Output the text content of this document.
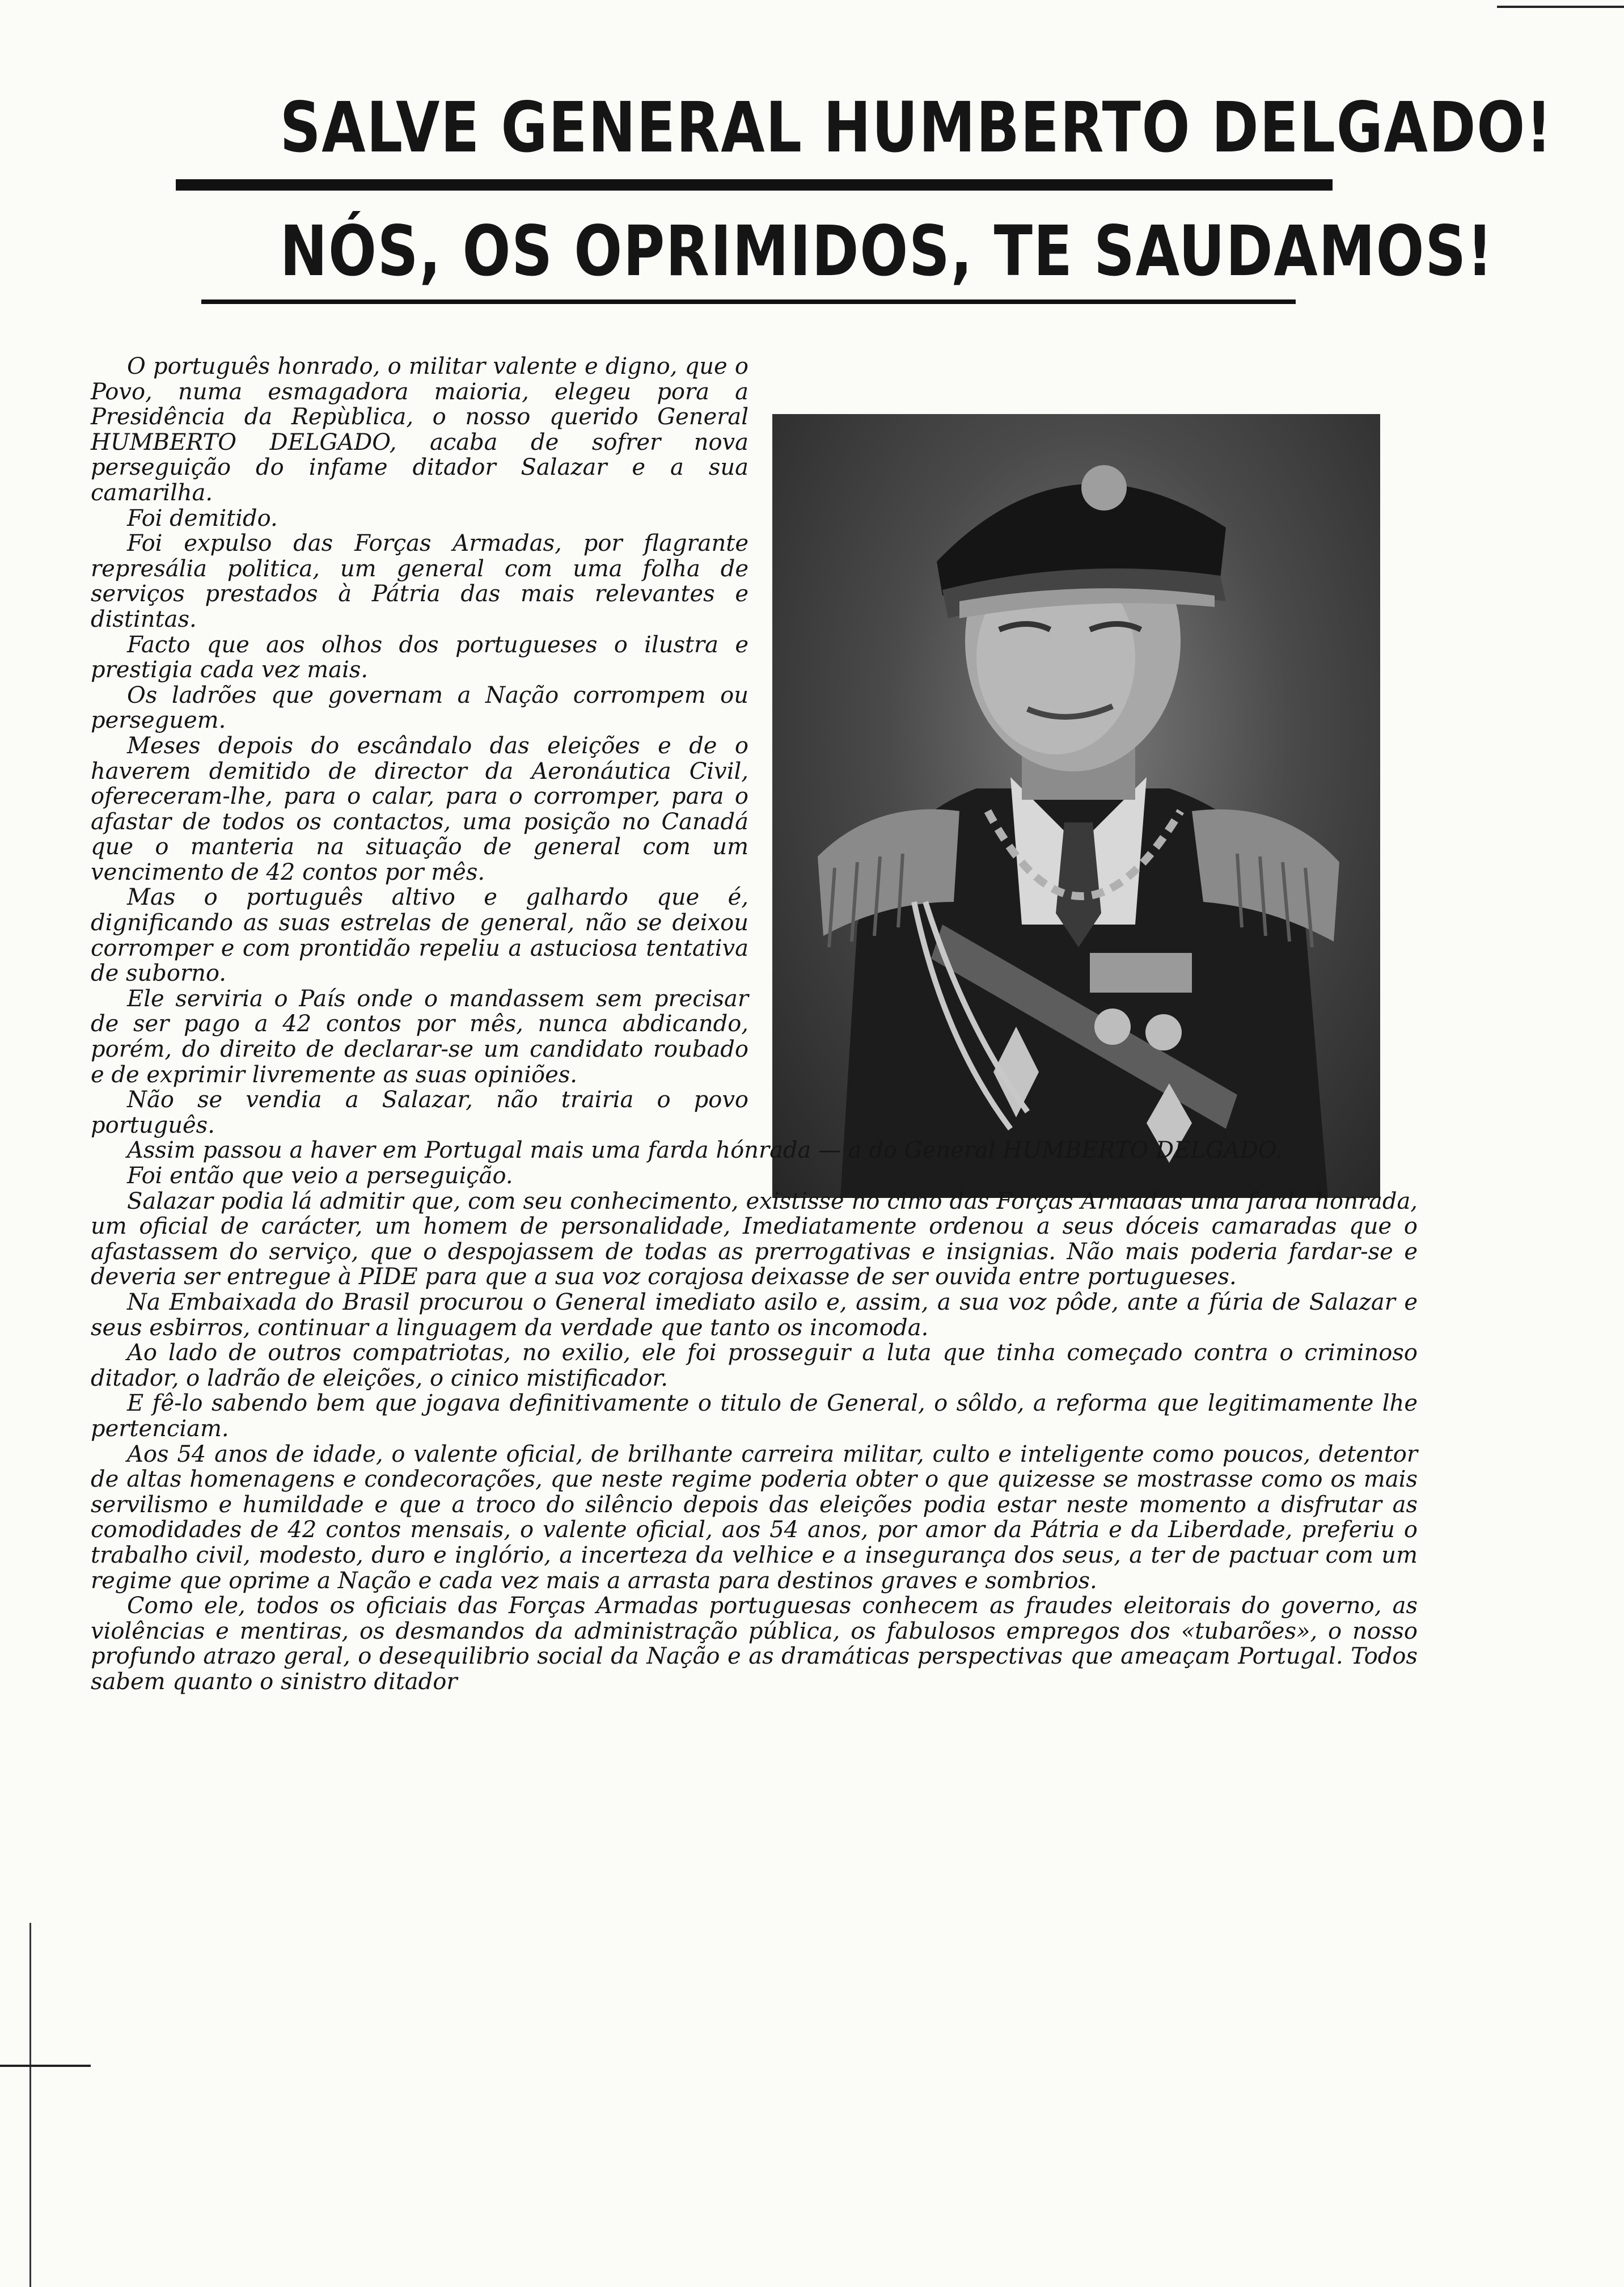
SALVE GENERAL HUMBERTO DELGADO!
NÓS, OS OPRIMIDOS, TE SAUDAMOS!

O português honrado, o militar valente e digno, que o Povo, numa esmagadora maioria, elegeu pora a Presidência da Repùblica, o nosso querido General HUMBERTO DELGADO, acaba de sofrer nova perseguição do infame ditador Salazar e a sua camarilha.

Foi demitido.

Foi expulso das Forças Armadas, por flagrante represália politica, um general com uma folha de serviços prestados à Pátria das mais relevantes e distintas.

Facto que aos olhos dos portugueses o ilustra e prestigia cada vez mais.

Os ladrões que governam a Nação corrompem ou perseguem.

Meses depois do escândalo das eleições e de o haverem demitido de director da Aeronáutica Civil, ofereceram-lhe, para o calar, para o corromper, para o afastar de todos os contactos, uma posição no Canadá que o manteria na situação de general com um vencimento de 42 contos por mês.

Mas o português altivo e galhardo que é, dignificando as suas estrelas de general, não se deixou corromper e com prontidão repeliu a astuciosa tentativa de suborno.

Ele serviria o País onde o mandassem sem precisar de ser pago a 42 contos por mês, nunca abdicando, porém, do direito de declarar-se um candidato roubado e de exprimir livremente as suas opiniões.

Não se vendia a Salazar, não trairia o povo português.

Assim passou a haver em Portugal mais uma farda hónrada — a do General HUMBERTO DELGADO.

Foi então que veio a perseguição.

Salazar podia lá admitir que, com seu conhecimento, existisse no cimo das Forças Armadas uma farda honrada, um oficial de carácter, um homem de personalidade, Imediatamente ordenou a seus dóceis camaradas que o afastassem do serviço, que o despojassem de todas as prerrogativas e insignias. Não mais poderia fardar-se e deveria ser entregue à PIDE para que a sua voz corajosa deixasse de ser ouvida entre portugueses.

Na Embaixada do Brasil procurou o General imediato asilo e, assim, a sua voz pôde, ante a fúria de Salazar e seus esbirros, continuar a linguagem da verdade que tanto os incomoda.

Ao lado de outros compatriotas, no exilio, ele foi prosseguir a luta que tinha começado contra o criminoso ditador, o ladrão de eleições, o cinico mistificador.

E fê-lo sabendo bem que jogava definitivamente o titulo de General, o sôldo, a reforma que legitimamente lhe pertenciam.

Aos 54 anos de idade, o valente oficial, de brilhante carreira militar, culto e inteligente como poucos, detentor de altas homenagens e condecorações, que neste regime poderia obter o que quizesse se mostrasse como os mais servilismo e humildade e que a troco do silêncio depois das eleições podia estar neste momento a disfrutar as comodidades de 42 contos mensais, o valente oficial, aos 54 anos, por amor da Pátria e da Liberdade, preferiu o trabalho civil, modesto, duro e inglório, a incerteza da velhice e a insegurança dos seus, a ter de pactuar com um regime que oprime a Nação e cada vez mais a arrasta para destinos graves e sombrios.

Como ele, todos os oficiais das Forças Armadas portuguesas conhecem as fraudes eleitorais do governo, as violências e mentiras, os desmandos da administração pública, os fabulosos empregos dos «tubarões», o nosso profundo atrazo geral, o desequilibrio social da Nação e as dramáticas perspectivas que ameaçam Portugal. Todos sabem quanto o sinistro ditador
